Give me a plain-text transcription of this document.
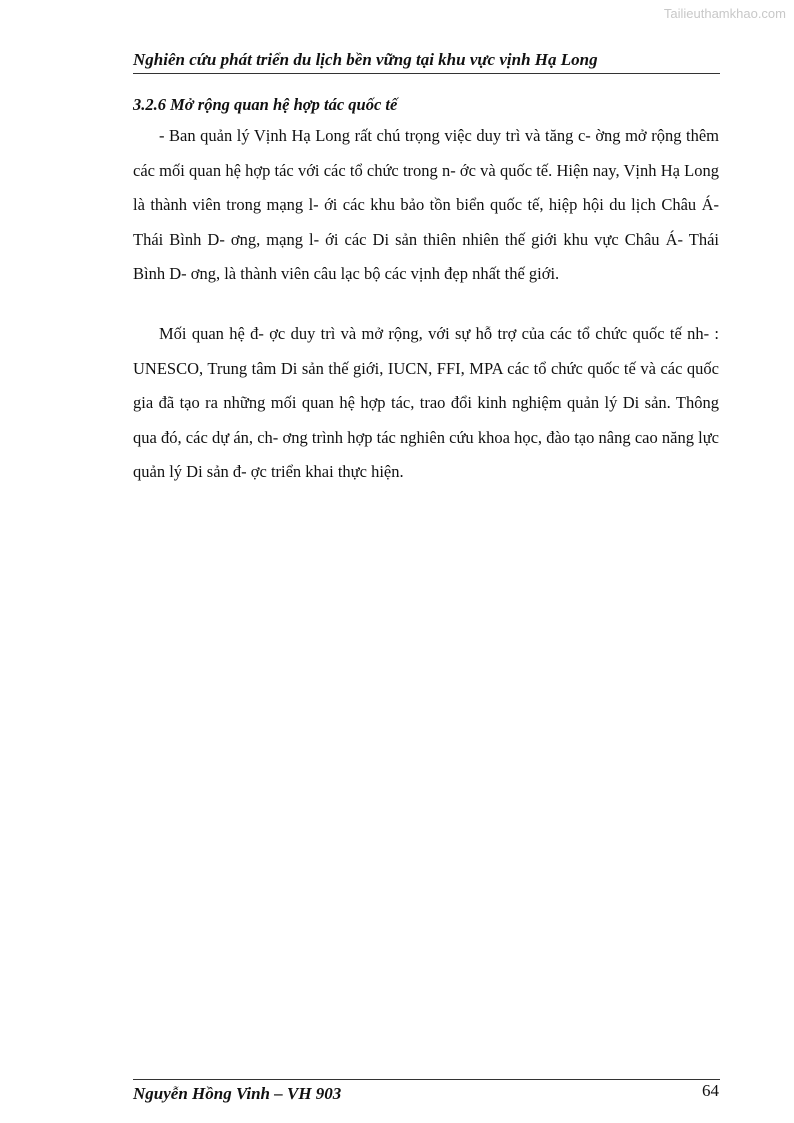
Tailieuthamkhao.com
Nghiên cứu phát triển du lịch bền vững tại khu vực vịnh Hạ Long
3.2.6 Mở rộng quan hệ hợp tác quốc tế

- Ban quản lý Vịnh Hạ Long rất chú trọng việc duy trì và tăng c- ờng mở rộng thêm các mối quan hệ hợp tác với các tổ chức trong n- ớc và quốc tế. Hiện nay, Vịnh Hạ Long là thành viên trong mạng l- ới các khu bảo tồn biển quốc tế, hiệp hội du lịch Châu Á- Thái Bình D- ơng, mạng l- ới các Di sản thiên nhiên thế giới khu vực Châu Á- Thái Bình D- ơng, là thành viên câu lạc bộ các vịnh đẹp nhất thế giới.

Mối quan hệ đ- ợc duy trì và mở rộng, với sự hỗ trợ của các tổ chức quốc tế nh- : UNESCO, Trung tâm Di sản thế giới, IUCN, FFI, MPA các tổ chức quốc tế và các quốc gia đã tạo ra những mối quan hệ hợp tác, trao đổi kinh nghiệm quản lý Di sản. Thông qua đó, các dự án, ch- ơng trình hợp tác nghiên cứu khoa học, đào tạo nâng cao năng lực quản lý Di sản đ- ợc triển khai thực hiện.

Nguyễn Hồng Vinh – VH 903	64
